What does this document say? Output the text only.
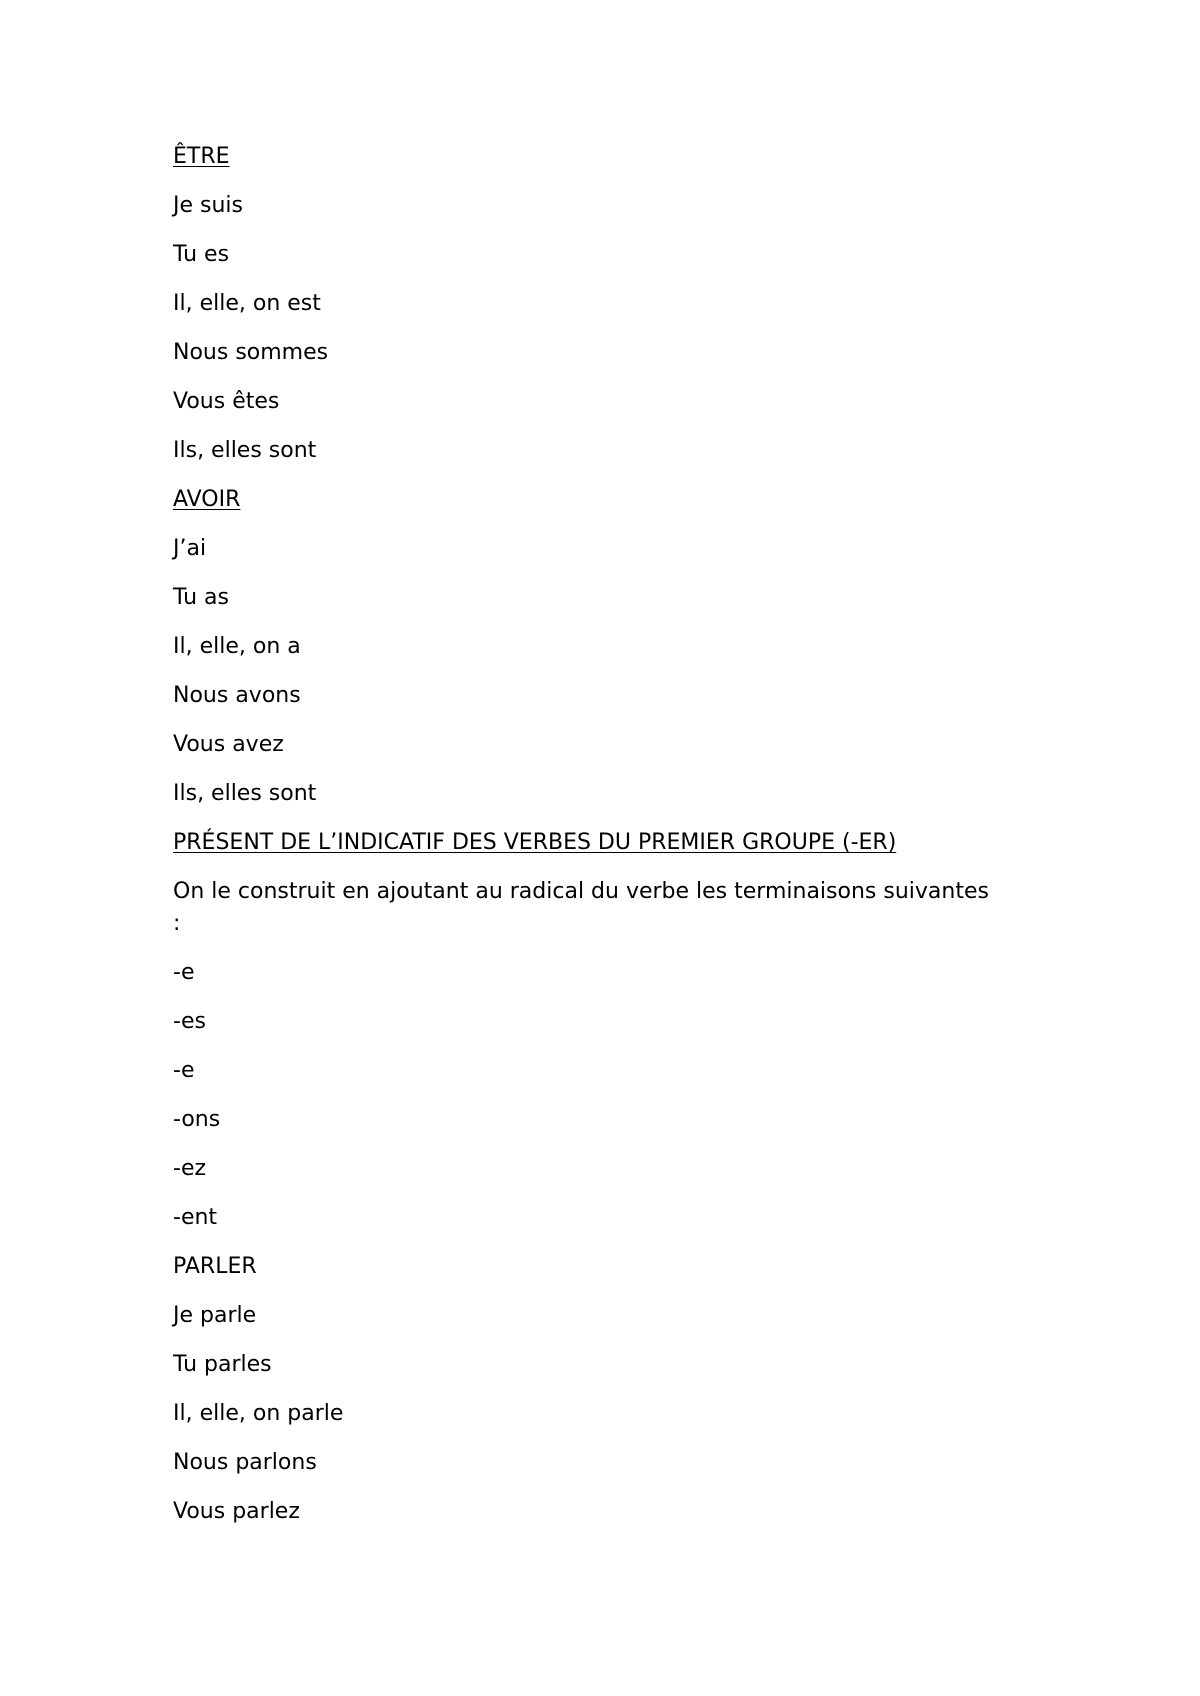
ÊTRE
Je suis
Tu es
Il, elle, on est
Nous sommes
Vous êtes
Ils, elles sont
AVOIR
J’ai
Tu as
Il, elle, on a
Nous avons
Vous avez
Ils, elles sont
PRÉSENT DE L’INDICATIF DES VERBES DU PREMIER GROUPE (-ER)
On le construit en ajoutant au radical du verbe les terminaisons suivantes :
-e
-es
-e
-ons
-ez
-ent
PARLER
Je parle
Tu parles
Il, elle, on parle
Nous parlons
Vous parlez
